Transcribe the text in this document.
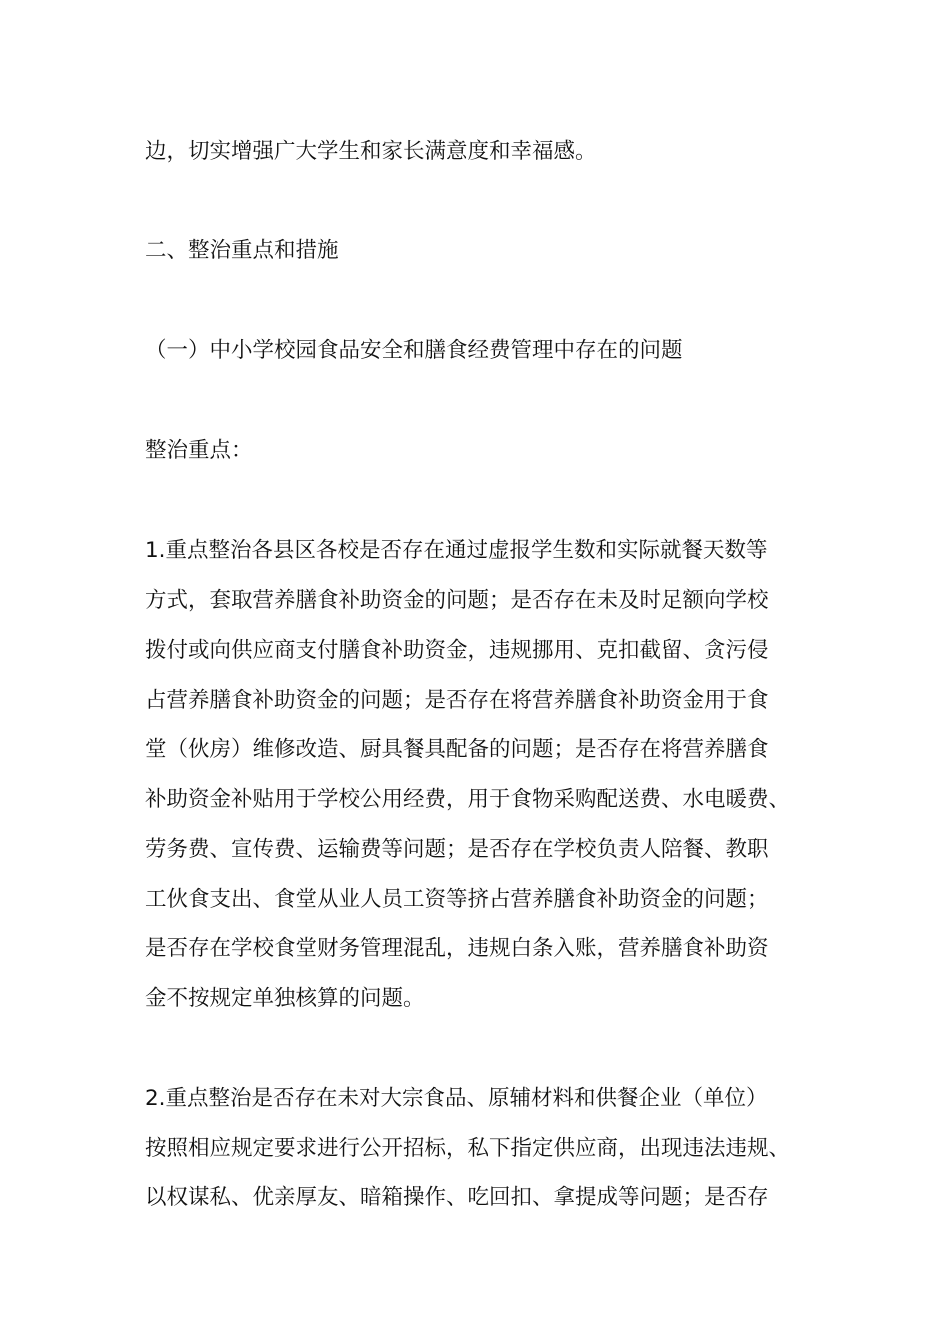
边，切实增强广大学生和家长满意度和幸福感。
二、整治重点和措施
（一）中小学校园食品安全和膳食经费管理中存在的问题
整治重点：
1.重点整治各县区各校是否存在通过虚报学生数和实际就餐天数等
方式，套取营养膳食补助资金的问题；是否存在未及时足额向学校
拨付或向供应商支付膳食补助资金，违规挪用、克扣截留、贪污侵
占营养膳食补助资金的问题；是否存在将营养膳食补助资金用于食
堂（伙房）维修改造、厨具餐具配备的问题；是否存在将营养膳食
补助资金补贴用于学校公用经费，用于食物采购配送费、水电暖费、
劳务费、宣传费、运输费等问题；是否存在学校负责人陪餐、教职
工伙食支出、食堂从业人员工资等挤占营养膳食补助资金的问题；
是否存在学校食堂财务管理混乱，违规白条入账，营养膳食补助资
金不按规定单独核算的问题。
2.重点整治是否存在未对大宗食品、原辅材料和供餐企业（单位）
按照相应规定要求进行公开招标，私下指定供应商，出现违法违规、
以权谋私、优亲厚友、暗箱操作、吃回扣、拿提成等问题；是否存
